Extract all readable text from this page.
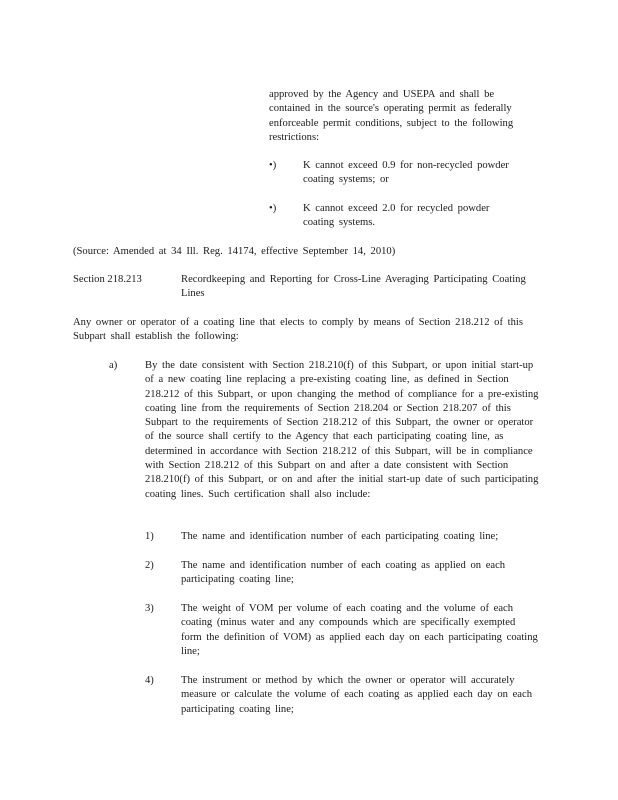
approved by the Agency and USEPA and shall be contained in the source's operating permit as federally enforceable permit conditions, subject to the following restrictions:

•)	K cannot exceed 0.9 for non-recycled powder coating systems; or

•)	K cannot exceed 2.0 for recycled powder coating systems.

(Source: Amended at 34 Ill. Reg. 14174, effective September 14, 2010)

Section 218.213	Recordkeeping and Reporting for Cross-Line Averaging Participating Coating Lines

Any owner or operator of a coating line that elects to comply by means of Section 218.212 of this Subpart shall establish the following:

a)	By the date consistent with Section 218.210(f) of this Subpart, or upon initial start-up of a new coating line replacing a pre-existing coating line, as defined in Section 218.212 of this Subpart, or upon changing the method of compliance for a pre-existing coating line from the requirements of Section 218.204 or Section 218.207 of this Subpart to the requirements of Section 218.212 of this Subpart, the owner or operator of the source shall certify to the Agency that each participating coating line, as determined in accordance with Section 218.212 of this Subpart, will be in compliance with Section 218.212 of this Subpart on and after a date consistent with Section 218.210(f) of this Subpart, or on and after the initial start-up date of such participating coating lines. Such certification shall also include:

1)	The name and identification number of each participating coating line;

2)	The name and identification number of each coating as applied on each participating coating line;

3)	The weight of VOM per volume of each coating and the volume of each coating (minus water and any compounds which are specifically exempted form the definition of VOM) as applied each day on each participating coating line;

4)	The instrument or method by which the owner or operator will accurately measure or calculate the volume of each coating as applied each day on each participating coating line;
